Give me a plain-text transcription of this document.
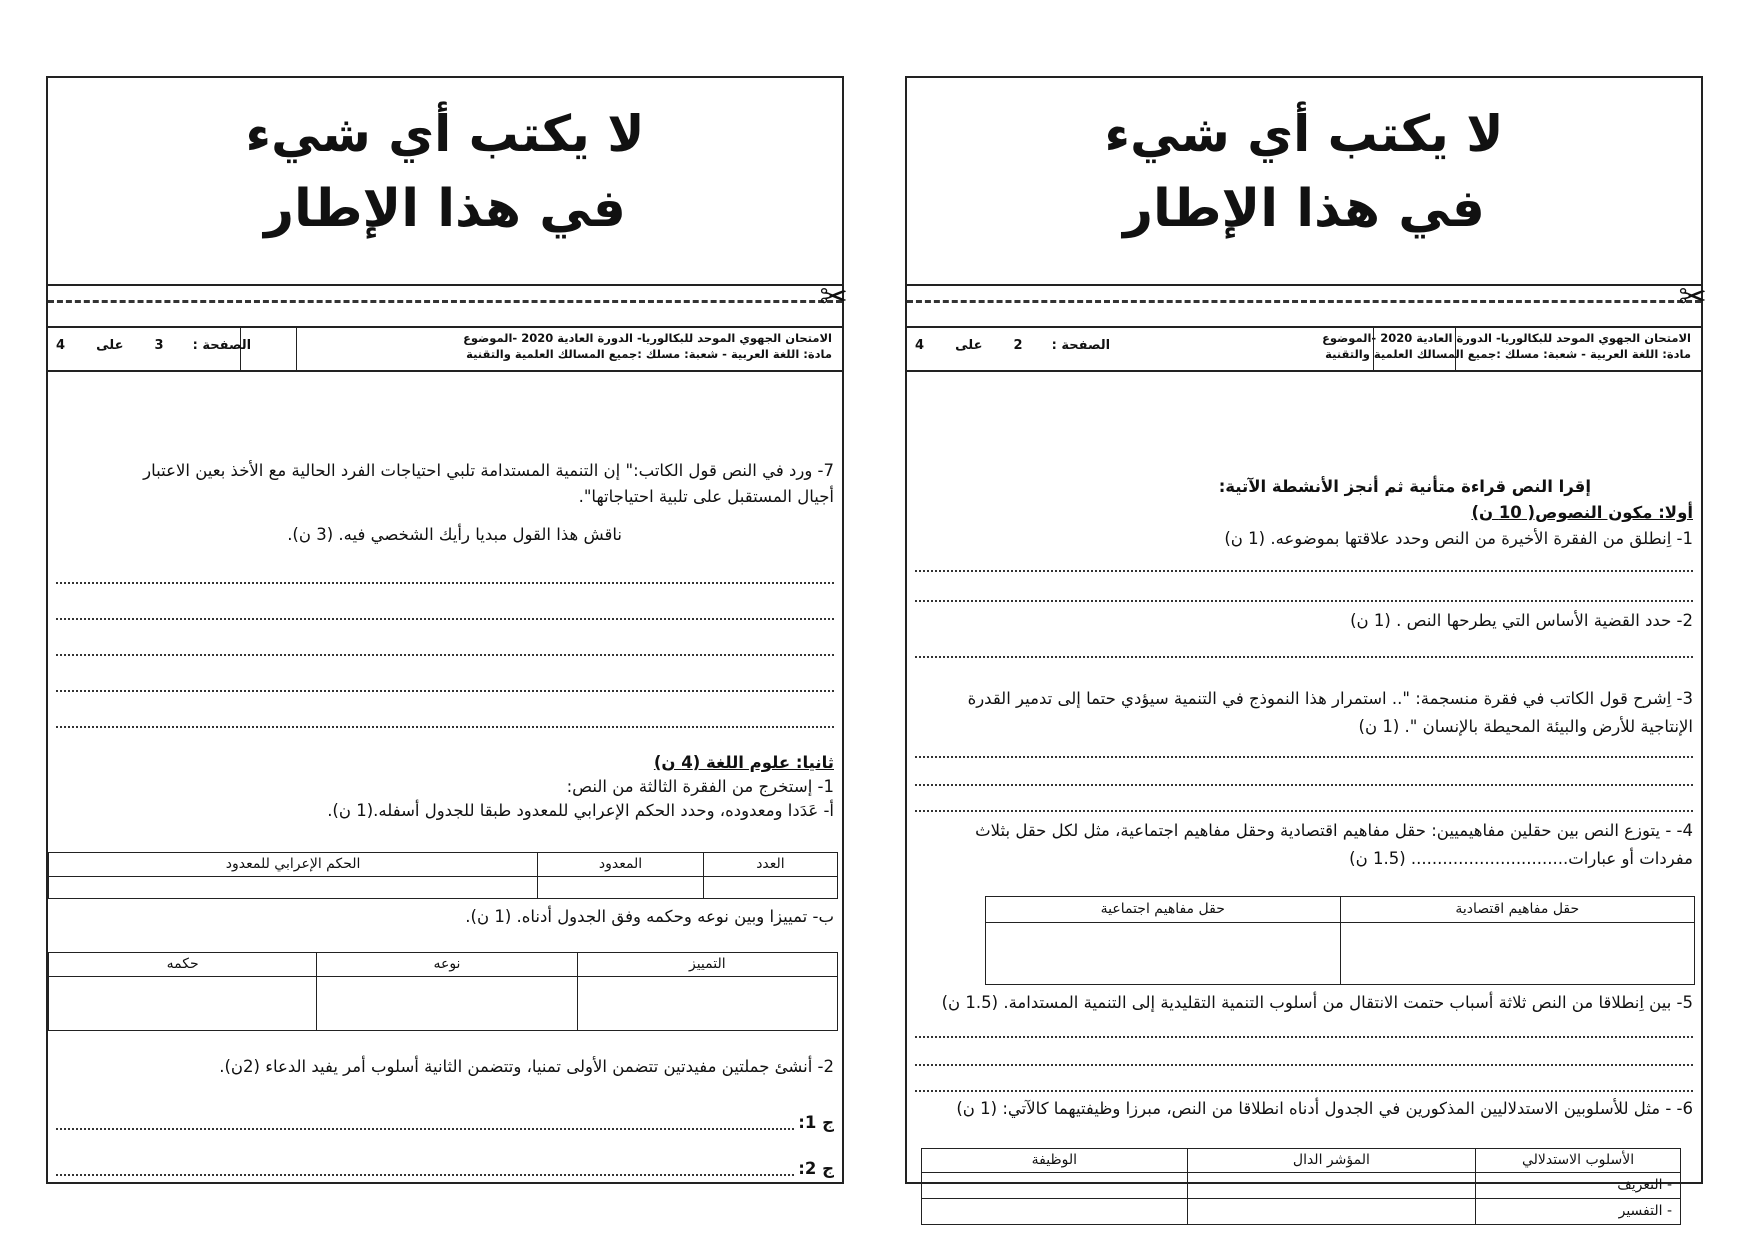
لا يكتب أي شيء
في هذا الإطار
✂
الامتحان الجهوي الموحد للبكالوريا- الدورة العادية 2020 -الموضوع
مادة: اللغة العربية - شعبة: مسلك :جميع المسالك العلمية والتقنية
الصفحة :  2  على  4
إقرا النص قراءة متأنية ثم أنجز الأنشطة الآتية:
أولا: مكون النصوص( 10 ن)
1- اِنطلق من الفقرة الأخيرة من النص وحدد علاقتها بموضوعه. (1 ن)
2- حدد القضية الأساس التي يطرحها النص . (1 ن)
3- اِشرح قول الكاتب في فقرة منسجمة: ".. استمرار هذا النموذج في التنمية سيؤدي حتما إلى تدمير القدرة
الإنتاجية للأرض والبيئة المحيطة بالإنسان ". (1 ن)
4- - يتوزع النص بين حقلين مفاهيميين: حقل مفاهيم اقتصادية وحقل مفاهيم اجتماعية، مثل لكل حقل بثلاث
مفردات أو عبارات.............................. (1.5 ن)
حقل مفاهيم اقتصادية	حقل مفاهيم اجتماعية

5- بين اِنطلاقا من النص ثلاثة أسباب حتمت الانتقال من أسلوب التنمية التقليدية إلى التنمية المستدامة. (1.5 ن)
6- - مثل للأسلوبين الاستدلاليين المذكورين في الجدول أدناه انطلاقا من النص، مبرزا وظيفتيهما كالآتي: (1 ن)
الأسلوب الاستدلالي	المؤشر الدال	الوظيفة
- التعريف		
- التفسير		
لا يكتب أي شيء
في هذا الإطار
✂
الامتحان الجهوي الموحد للبكالوريا- الدورة العادية 2020 -الموضوع
مادة: اللغة العربية - شعبة: مسلك :جميع المسالك العلمية والتقنية
الصفحة :  3  على  4
7- ورد في النص قول الكاتب:" إن التنمية المستدامة تلبي احتياجات الفرد الحالية مع الأخذ بعين الاعتبار
أجيال المستقبل على تلبية احتياجاتها".
ناقش هذا القول مبديا رأيك الشخصي فيه. (3 ن).
ثانيا: علوم اللغة (4 ن)
1- إستخرج من الفقرة الثالثة من النص:
أ- عَدَدا ومعدوده، وحدد الحكم الإعرابي للمعدود طبقا للجدول أسفله.(1 ن).
العدد	المعدود	الحكم الإعرابي للمعدود

ب- تمييزا وبين نوعه وحكمه وفق الجدول أدناه. (1 ن).
التمييز	نوعه	حكمه

2- أنشئ جملتين مفيدتين تتضمن الأولى تمنيا، وتتضمن الثانية أسلوب أمر يفيد الدعاء (2ن).
ج 1:
ج 2:
